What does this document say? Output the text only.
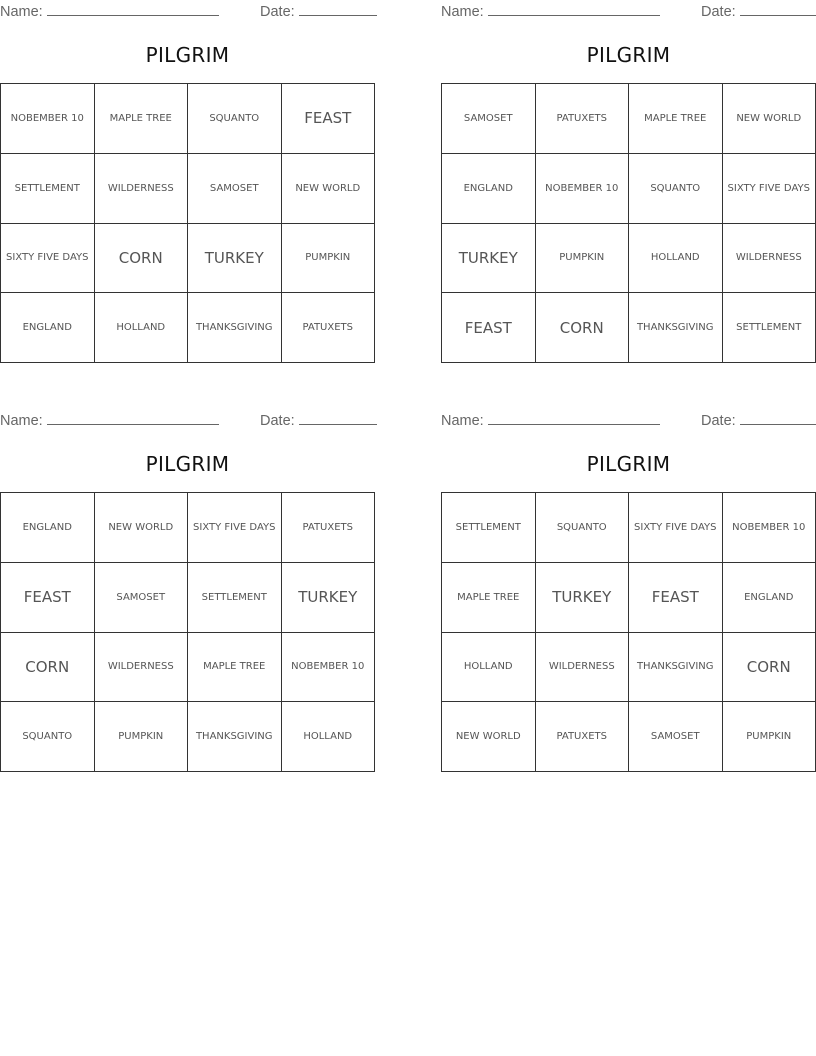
Name:	Date:
PILGRIM
NOBEMBER 10	MAPLE TREE	SQUANTO	FEAST
SETTLEMENT	WILDERNESS	SAMOSET	NEW WORLD
SIXTY FIVE DAYS	CORN	TURKEY	PUMPKIN
ENGLAND	HOLLAND	THANKSGIVING	PATUXETS
Name:	Date:
PILGRIM
SAMOSET	PATUXETS	MAPLE TREE	NEW WORLD
ENGLAND	NOBEMBER 10	SQUANTO	SIXTY FIVE DAYS
TURKEY	PUMPKIN	HOLLAND	WILDERNESS
FEAST	CORN	THANKSGIVING	SETTLEMENT
Name:	Date:
PILGRIM
ENGLAND	NEW WORLD	SIXTY FIVE DAYS	PATUXETS
FEAST	SAMOSET	SETTLEMENT	TURKEY
CORN	WILDERNESS	MAPLE TREE	NOBEMBER 10
SQUANTO	PUMPKIN	THANKSGIVING	HOLLAND
Name:	Date:
PILGRIM
SETTLEMENT	SQUANTO	SIXTY FIVE DAYS	NOBEMBER 10
MAPLE TREE	TURKEY	FEAST	ENGLAND
HOLLAND	WILDERNESS	THANKSGIVING	CORN
NEW WORLD	PATUXETS	SAMOSET	PUMPKIN
